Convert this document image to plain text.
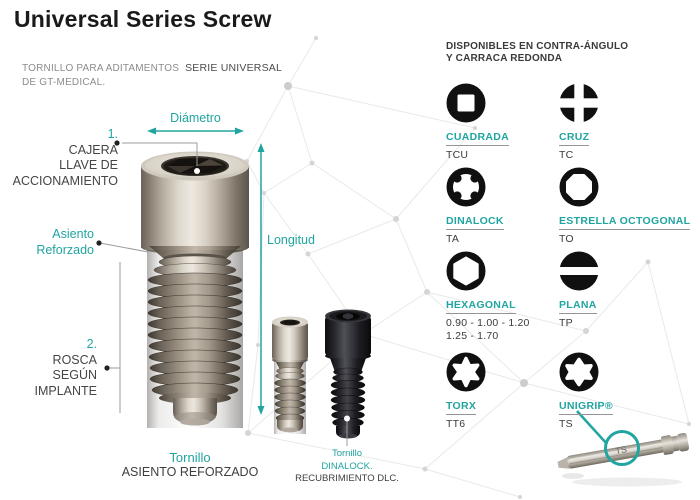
TS
Universal Series Screw
TORNILLO PARA ADITAMENTOS SERIE UNIVERSAL
DE GT-MEDICAL.
Diámetro
Longitud
1.
CAJERA
LLAVE DE
ACCIONAMIENTO
Asiento
Reforzado
2.
ROSCA
SEGÚN
IMPLANTE
Tornillo
ASIENTO REFORZADO
Tornillo
DINALOCK.
RECUBRIMIENTO DLC.
DISPONIBLES EN CONTRA-ÁNGULO
Y CARRACA REDONDA
CUADRADA
TCU
CRUZ
TC
DINALOCK
TA
ESTRELLA OCTOGONAL
TO
HEXAGONAL
0.90 - 1.00 - 1.20
1.25 - 1.70
PLANA
TP
TORX
TT6
UNIGRIP®
TS
